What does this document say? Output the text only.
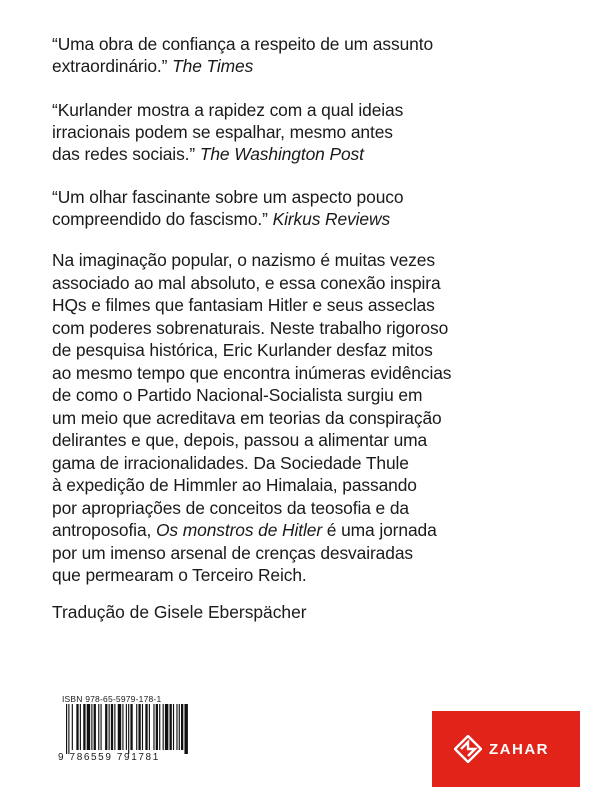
“Uma obra de confiança a respeito de um assunto
extraordinário.” The Times

“Kurlander mostra a rapidez com a qual ideias
irracionais podem se espalhar, mesmo antes
das redes sociais.” The Washington Post

“Um olhar fascinante sobre um aspecto pouco
compreendido do fascismo.” Kirkus Reviews

Na imaginação popular, o nazismo é muitas vezes
associado ao mal absoluto, e essa conexão inspira
HQs e filmes que fantasiam Hitler e seus asseclas
com poderes sobrenaturais. Neste trabalho rigoroso
de pesquisa histórica, Eric Kurlander desfaz mitos
ao mesmo tempo que encontra inúmeras evidências
de como o Partido Nacional-Socialista surgiu em
um meio que acreditava em teorias da conspiração
delirantes e que, depois, passou a alimentar uma
gama de irracionalidades. Da Sociedade Thule
à expedição de Himmler ao Himalaia, passando
por apropriações de conceitos da teosofia e da
antroposofia, Os monstros de Hitler é uma jornada
por um imenso arsenal de crenças desvairadas
que permearam o Terceiro Reich.

Tradução de Gisele Eberspächer

ISBN 978-65-5979-178-1
9 786559 791781	ZAHAR
